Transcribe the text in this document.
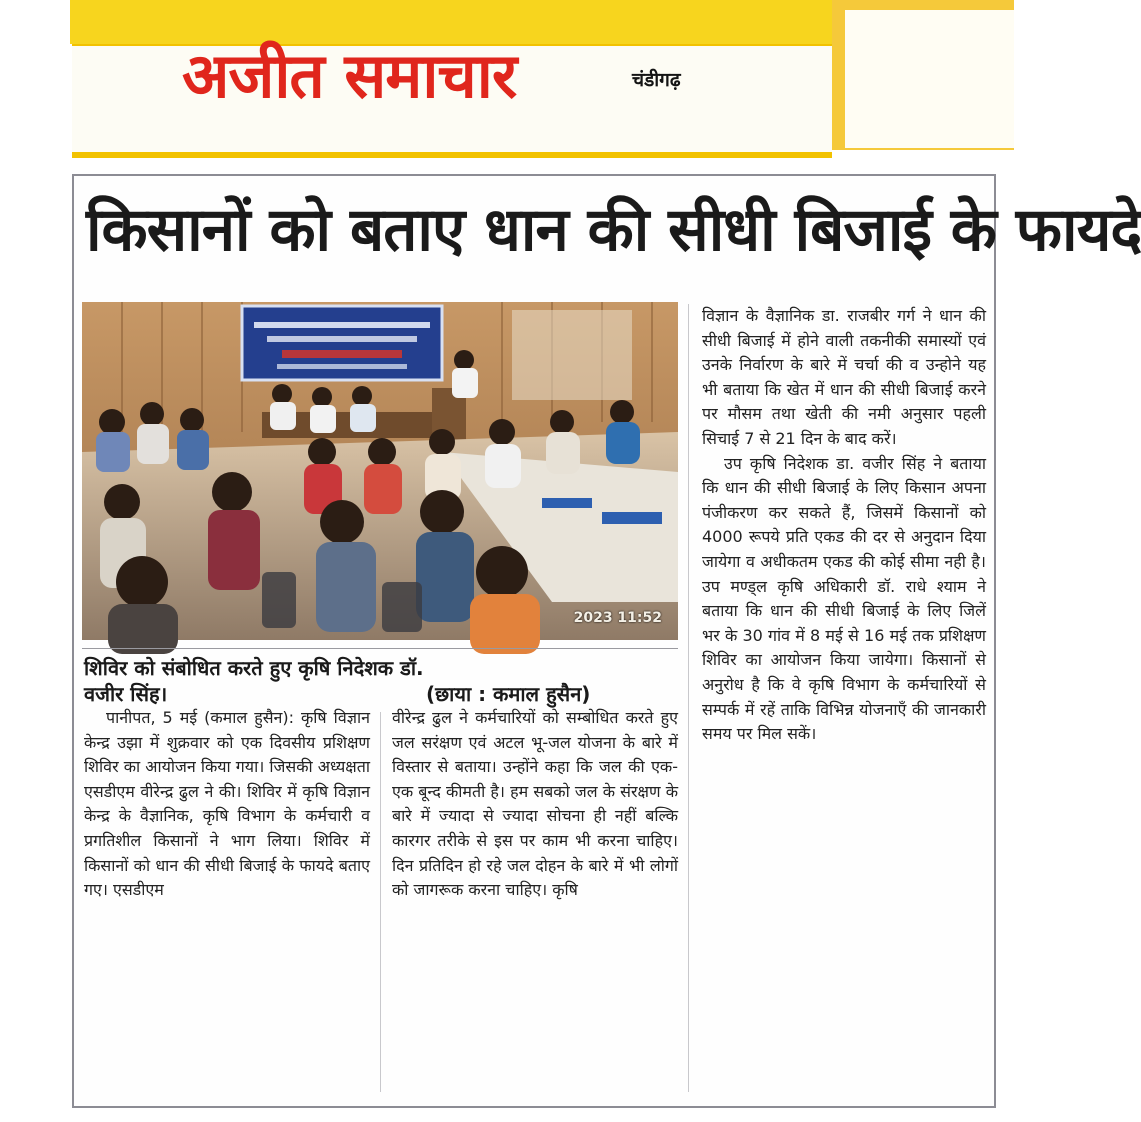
अजीत समाचार	चंडीगढ़
किसानों को बताए धान की सीधी बिजाई के फायदे
2023 11:52
शिविर को संबोधित करते हुए कृषि निदेशक डॉ.
वजीर सिंह।	(छाया : कमाल हुसैन)

पानीपत, 5 मई (कमाल हुसैन): कृषि विज्ञान केन्द्र उझा में शुक्रवार को एक दिवसीय प्रशिक्षण शिविर का आयोजन किया गया। जिसकी अध्यक्षता एसडीएम वीरेन्द्र ढुल ने की। शिविर में कृषि विज्ञान केन्द्र के वैज्ञानिक, कृषि विभाग के कर्मचारी व प्रगतिशील किसानों ने भाग लिया। शिविर में किसानों को धान की सीधी बिजाई के फायदे बताए गए। एसडीएम

वीरेन्द्र ढुल ने कर्मचारियों को सम्बोधित करते हुए जल सरंक्षण एवं अटल भू-जल योजना के बारे में विस्तार से बताया। उन्होंने कहा कि जल की एक-एक बून्द कीमती है। हम सबको जल के संरक्षण के बारे में ज्यादा से ज्यादा सोचना ही नहीं बल्कि कारगर तरीके से इस पर काम भी करना चाहिए। दिन प्रतिदिन हो रहे जल दोहन के बारे में भी लोगों को जागरूक करना चाहिए। कृषि

विज्ञान के वैज्ञानिक डा. राजबीर गर्ग ने धान की सीधी बिजाई में होने वाली तकनीकी समास्यों एवं उनके निर्वारण के बारे में चर्चा की व उन्होने यह भी बताया कि खेत में धान की सीधी बिजाई करने पर मौसम तथा खेती की नमी अनुसार पहली सिचाई 7 से 21 दिन के बाद करें।

उप कृषि निदेशक डा. वजीर सिंह ने बताया कि धान की सीधी बिजाई के लिए किसान अपना पंजीकरण कर सकते हैं, जिसमें किसानों को 4000 रूपये प्रति एकड की दर से अनुदान दिया जायेगा व अधीकतम एकड की कोई सीमा नही है। उप मण्ड्ल कृषि अधिकारी डॉ. राधे श्याम ने बताया कि धान की सीधी बिजाई के लिए जिलें भर के 30 गांव में 8 मई से 16 मई तक प्रशिक्षण शिविर का आयोजन किया जायेगा। किसानों से अनुरोध है कि वे कृषि विभाग के कर्मचारियों से सम्पर्क में रहें ताकि विभिन्न योजनाएँ की जानकारी समय पर मिल सकें।
